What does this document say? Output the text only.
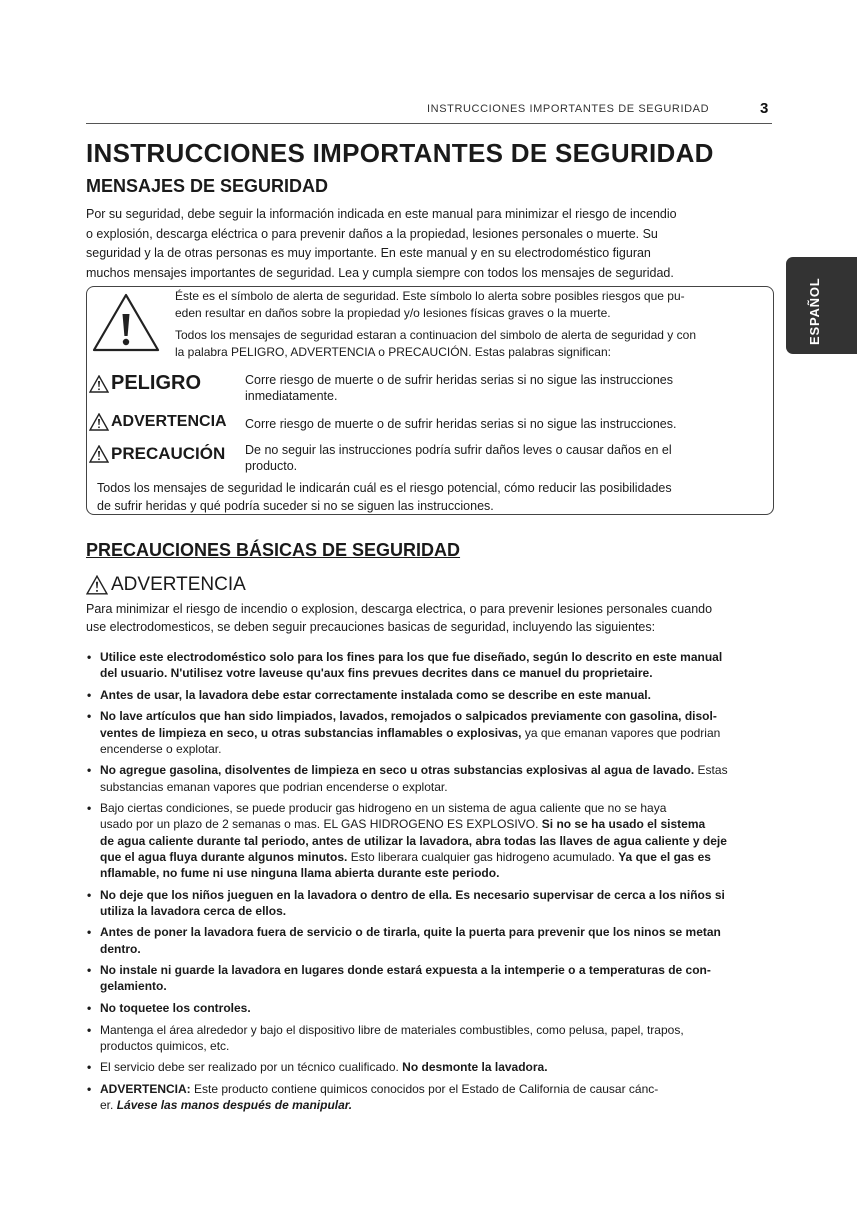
INSTRUCCIONES IMPORTANTES DE SEGURIDAD	3
ESPAÑOL
INSTRUCCIONES IMPORTANTES DE SEGURIDAD
MENSAJES DE SEGURIDAD
Por su seguridad, debe seguir la información indicada en este manual para minimizar el riesgo de incendio
o explosión, descarga eléctrica o para prevenir daños a la propiedad, lesiones personales o muerte. Su
seguridad y la de otras personas es muy importante. En este manual y en su electrodoméstico figuran
muchos mensajes importantes de seguridad. Lea y cumpla siempre con todos los mensajes de seguridad.
Éste es el símbolo de alerta de seguridad. Este símbolo lo alerta sobre posibles riesgos que pu-
eden resultar en daños sobre la propiedad y/o lesiones físicas graves o la muerte.
Todos los mensajes de seguridad estaran a continuacion del simbolo de alerta de seguridad y con
la palabra PELIGRO, ADVERTENCIA o PRECAUCIÓN. Estas palabras significan:
PELIGRO	Corre riesgo de muerte o de sufrir heridas serias si no sigue las instrucciones
inmediatamente.
ADVERTENCIA Corre riesgo de muerte o de sufrir heridas serias si no sigue las instrucciones.
PRECAUCIÓN De no seguir las instrucciones podría sufrir daños leves o causar daños en el
producto.
Todos los mensajes de seguridad le indicarán cuál es el riesgo potencial, cómo reducir las posibilidades
de sufrir heridas y qué podría suceder si no se siguen las instrucciones.
PRECAUCIONES BÁSICAS DE SEGURIDAD
ADVERTENCIA
Para minimizar el riesgo de incendio o explosion, descarga electrica, o para prevenir lesiones personales cuando
use electrodomesticos, se deben seguir precauciones basicas de seguridad, incluyendo las siguientes:
• Utilice este electrodoméstico solo para los fines para los que fue diseñado, según lo descrito en este manual
del usuario. N'utilisez votre laveuse qu'aux fins prevues decrites dans ce manuel du proprietaire.
• Antes de usar, la lavadora debe estar correctamente instalada como se describe en este manual.
• No lave artículos que han sido limpiados, lavados, remojados o salpicados previamente con gasolina, disol-
ventes de limpieza en seco, u otras substancias inflamables o explosivas, ya que emanan vapores que podrian
encenderse o explotar.
• No agregue gasolina, disolventes de limpieza en seco u otras substancias explosivas al agua de lavado. Estas
substancias emanan vapores que podrian encenderse o explotar.
• Bajo ciertas condiciones, se puede producir gas hidrogeno en un sistema de agua caliente que no se haya
usado por un plazo de 2 semanas o mas. EL GAS HIDROGENO ES EXPLOSIVO. Si no se ha usado el sistema
de agua caliente durante tal periodo, antes de utilizar la lavadora, abra todas las llaves de agua caliente y deje
que el agua fluya durante algunos minutos. Esto liberara cualquier gas hidrogeno acumulado. Ya que el gas es
nflamable, no fume ni use ninguna llama abierta durante este periodo.
• No deje que los niños jueguen en la lavadora o dentro de ella. Es necesario supervisar de cerca a los niños si
utiliza la lavadora cerca de ellos.
• Antes de poner la lavadora fuera de servicio o de tirarla, quite la puerta para prevenir que los ninos se metan
dentro.
• No instale ni guarde la lavadora en lugares donde estará expuesta a la intemperie o a temperaturas de con-
gelamiento.
• No toquetee los controles.
• Mantenga el área alrededor y bajo el dispositivo libre de materiales combustibles, como pelusa, papel, trapos,
productos quimicos, etc.
• El servicio debe ser realizado por un técnico cualificado. No desmonte la lavadora.
• ADVERTENCIA: Este producto contiene quimicos conocidos por el Estado de California de causar cánc-
er. Lávese las manos después de manipular.
